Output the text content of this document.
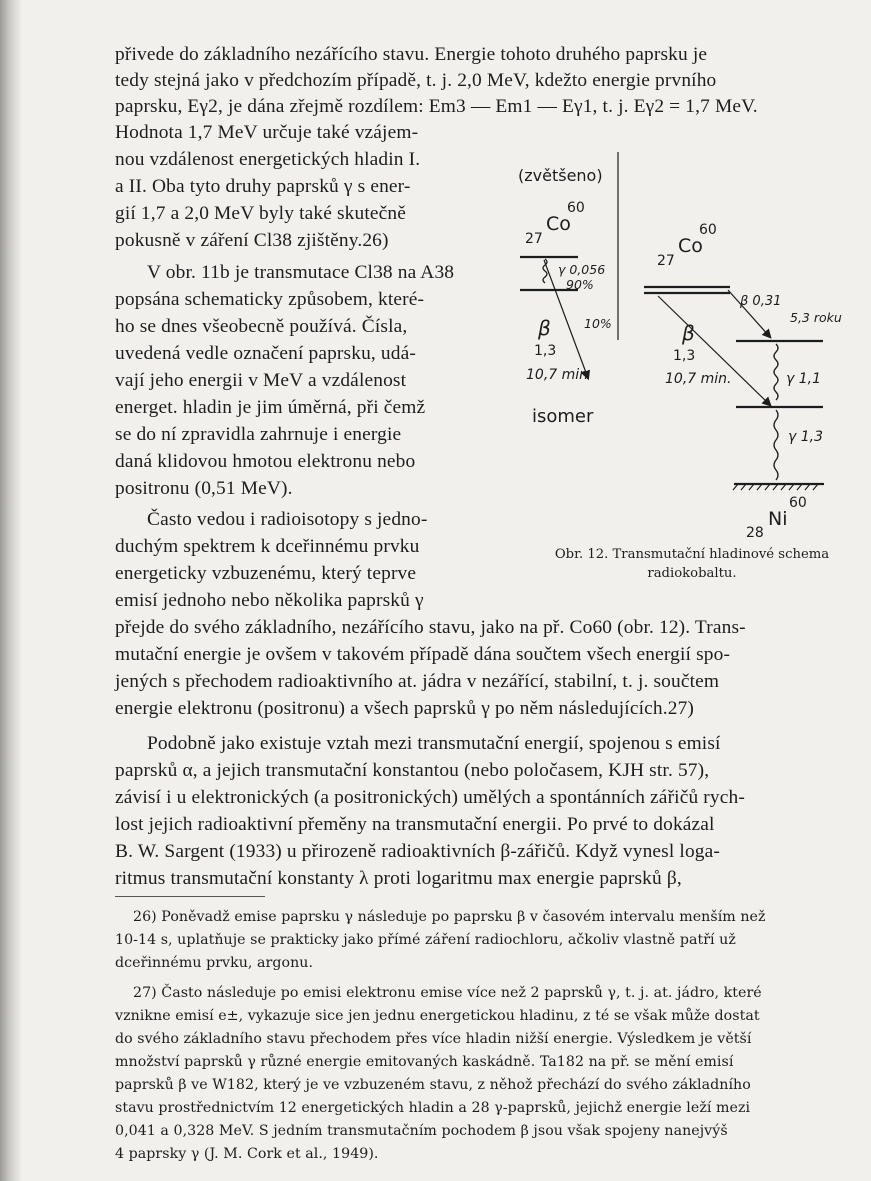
přivede do základního nezářícího stavu. Energie tohoto druhého paprsku je

tedy stejná jako v předchozím případě, t. j. 2,0 MeV, kdežto energie prvního

paprsku, Eγ2, je dána zřejmě rozdílem: Em3 — Em1 — Eγ1, t. j. Eγ2 = 1,7 MeV.

Hodnota 1,7 MeV určuje také vzájem-

nou vzdálenost energetických hladin I.

a II. Oba tyto druhy paprsků γ s ener-

gií 1,7 a 2,0 MeV byly také skutečně

pokusně v záření Cl38 zjištěny.26)

V obr. 11b je transmutace Cl38 na A38

popsána schematicky způsobem, které-

ho se dnes všeobecně používá. Čísla,

uvedená vedle označení paprsku, udá-

vají jeho energii v MeV a vzdálenost

energet. hladin je jim úměrná, při čemž

se do ní zpravidla zahrnuje i energie

daná klidovou hmotou elektronu nebo

positronu (0,51 MeV).

Často vedou i radioisotopy s jedno-

duchým spektrem k dceřinnému prvku

energeticky vzbuzenému, který teprve

emisí jednoho nebo několika paprsků γ

přejde do svého základního, nezářícího stavu, jako na př. Co60 (obr. 12). Trans-

mutační energie je ovšem v takovém případě dána součtem všech energií spo-

jených s přechodem radioaktivního at. jádra v nezářící, stabilní, t. j. součtem

energie elektronu (positronu) a všech paprsků γ po něm následujících.27)

Podobně jako existuje vztah mezi transmutační energií, spojenou s emisí

paprsků α, a jejich transmutační konstantou (nebo poločasem, KJH str. 57),

závisí i u elektronických (a positronických) umělých a spontánních zářičů rych-

lost jejich radioaktivní přeměny na transmutační energii. Po prvé to dokázal

B. W. Sargent (1933) u přirozeně radioaktivních β-zářičů. Když vynesl loga-

ritmus transmutační konstanty λ proti logaritmu max energie paprsků β,

26) Poněvadž emise paprsku γ následuje po paprsku β v časovém intervalu menším než

10-14 s, uplatňuje se prakticky jako přímé záření radiochloru, ačkoliv vlastně patří už

dceřinnému prvku, argonu.

27) Často následuje po emisi elektronu emise více než 2 paprsků γ, t. j. at. jádro, které

vznikne emisí e±, vykazuje sice jen jednu energetickou hladinu, z té se však může dostat

do svého základního stavu přechodem přes více hladin nižší energie. Výsledkem je větší

množství paprsků γ různé energie emitovaných kaskádně. Ta182 na př. se mění emisí

paprsků β ve W182, který je ve vzbuzeném stavu, z něhož přechází do svého základního

stavu prostřednictvím 12 energetických hladin a 28 γ-paprsků, jejichž energie leží mezi

0,041 a 0,328 MeV. S jedním transmutačním pochodem β jsou však spojeny nanejvýš

4 paprsky γ (J. M. Cork et al., 1949).

(zvětšeno)
Co
60
27
γ 0,056
90%
10%
β
1,3
10,7 min
isomer
Co
60
27
β 0,31
5,3 roku
β
1,3
10,7 min.	γ 1,1
γ 1,3
Ni
60
28
Obr. 12. Transmutační hladinové schema
radiokobaltu.
